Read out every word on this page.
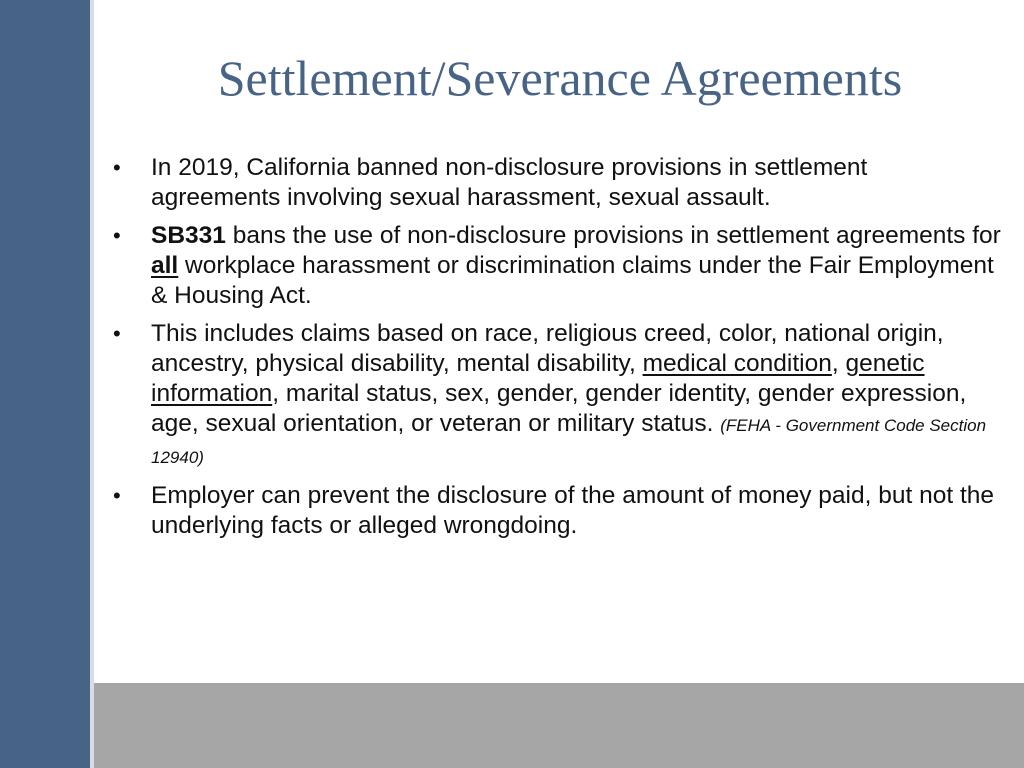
Settlement/Severance Agreements
• In 2019, California banned non-disclosure provisions in settlement agreements involving sexual harassment, sexual assault.
• SB331 bans the use of non-disclosure provisions in settlement agreements for all workplace harassment or discrimination claims under the Fair Employment & Housing Act.
• This includes claims based on race, religious creed, color, national origin, ancestry, physical disability, mental disability, medical condition, genetic information, marital status, sex, gender, gender identity, gender expression, age, sexual orientation, or veteran or military status. (FEHA - Government Code Section 12940)
• Employer can prevent the disclosure of the amount of money paid, but not the underlying facts or alleged wrongdoing.
